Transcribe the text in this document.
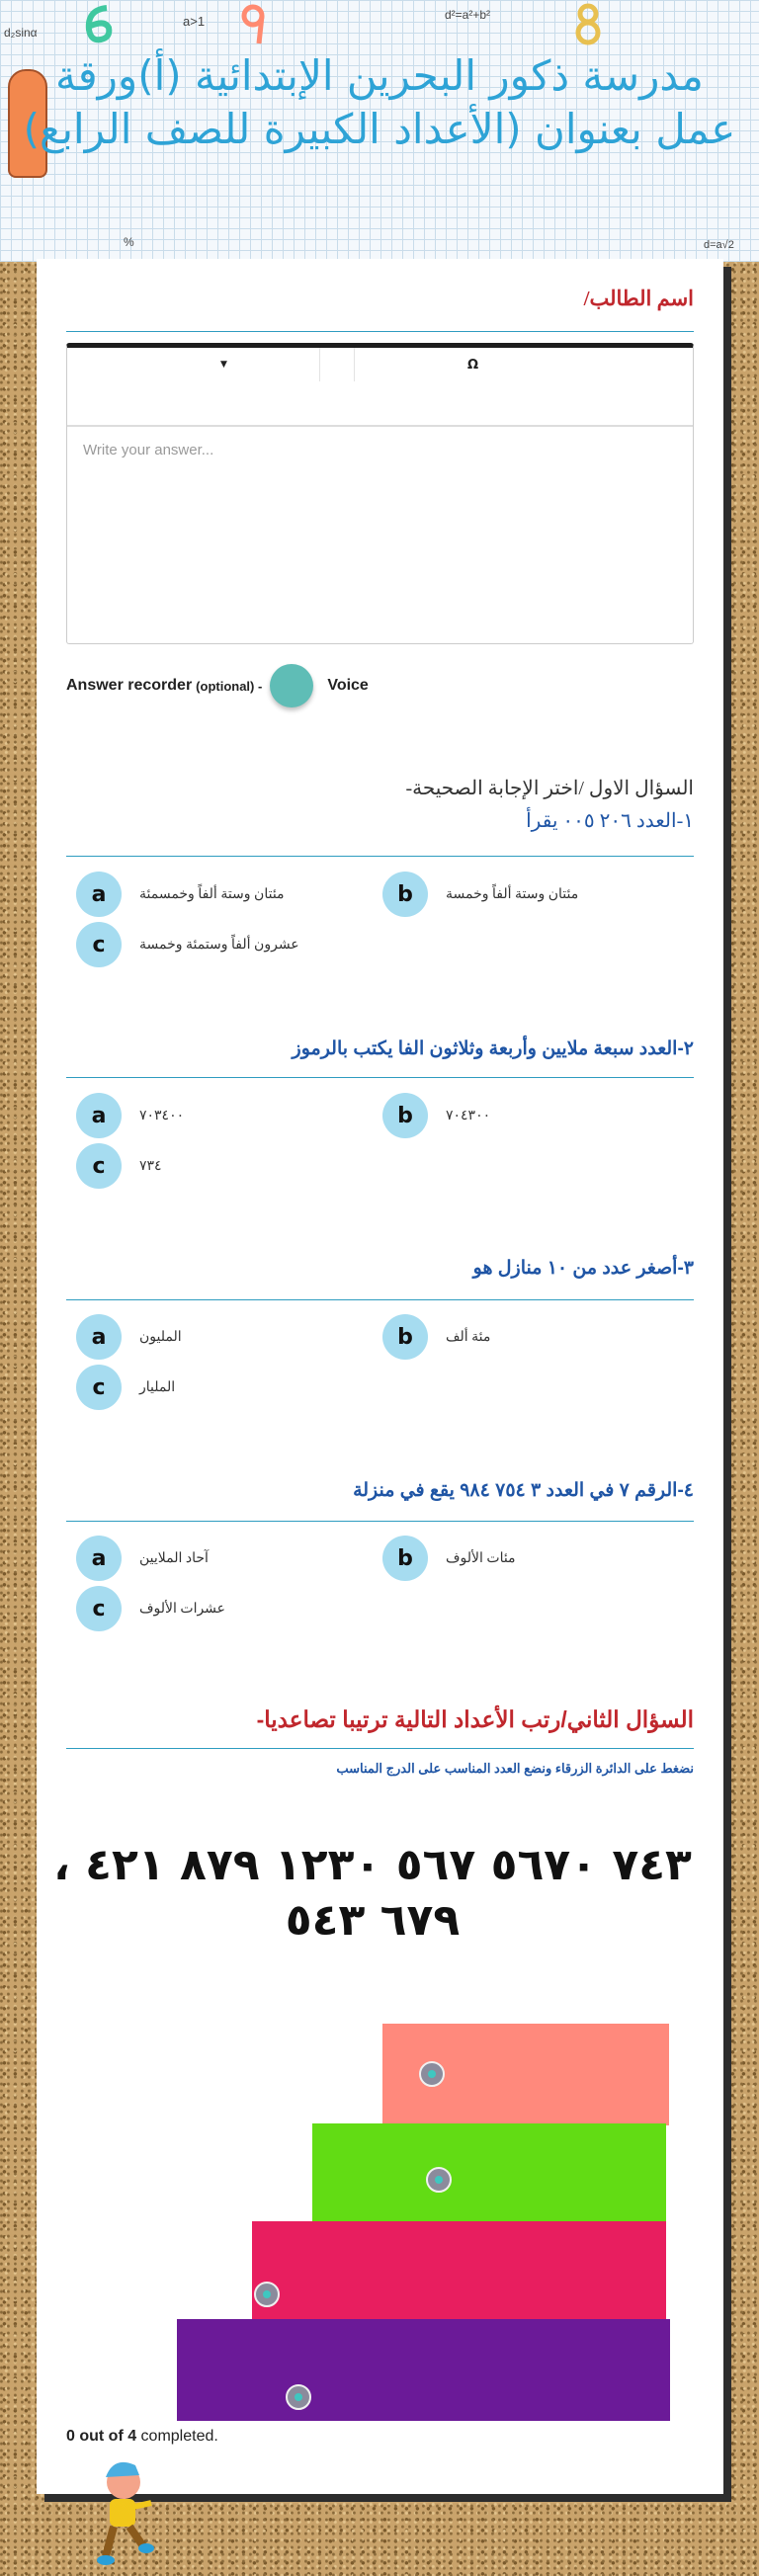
a>1	d²=a²+b²
d₂sinα
%	d=a√2
مدرسة ذكور البحرين الإبتدائية (أ)ورقة عمل بعنوان (الأعداد الكبيرة للصف الرابع)
اسم الطالب/
▼	Ω
Write your answer...
Answer recorder (optional) -	Voice
السؤال الاول /اختر الإجابة الصحيحة-
١-العدد ٢٠٦ ٠٠٥ يقرأ
a	مئتان وستة ألفاً وخمسمئة	b	مئتان وستة ألفاً وخمسة
c	عشرون ألفاً وستمئة وخمسة
٢-العدد سبعة ملايين وأربعة وثلاثون الفا يكتب بالرموز
a	٧٠٣٤٠٠	b	٧٠٤٣٠٠
c	٧٣٤
٣-أصغر عدد من ١٠ منازل هو
a	المليون	b	مئة ألف
c	المليار
٤-الرقم ٧ في العدد ٣ ٧٥٤ ٩٨٤ يقع في منزلة
a	آحاد الملايين	b	مئات الألوف
c	عشرات الألوف
السؤال الثاني/رتب الأعداد التالية ترتيبا تصاعديا-
نضغط على الدائرة الزرقاء ونضع العدد المناسب على الدرج المناسب
٧٤٣ ٥٦٧٠ ٥٦٧ ١٢٣٠ ٨٧٩ ٤٢١ ، ٦٧٩ ٥٤٣
0 out of 4 completed.
